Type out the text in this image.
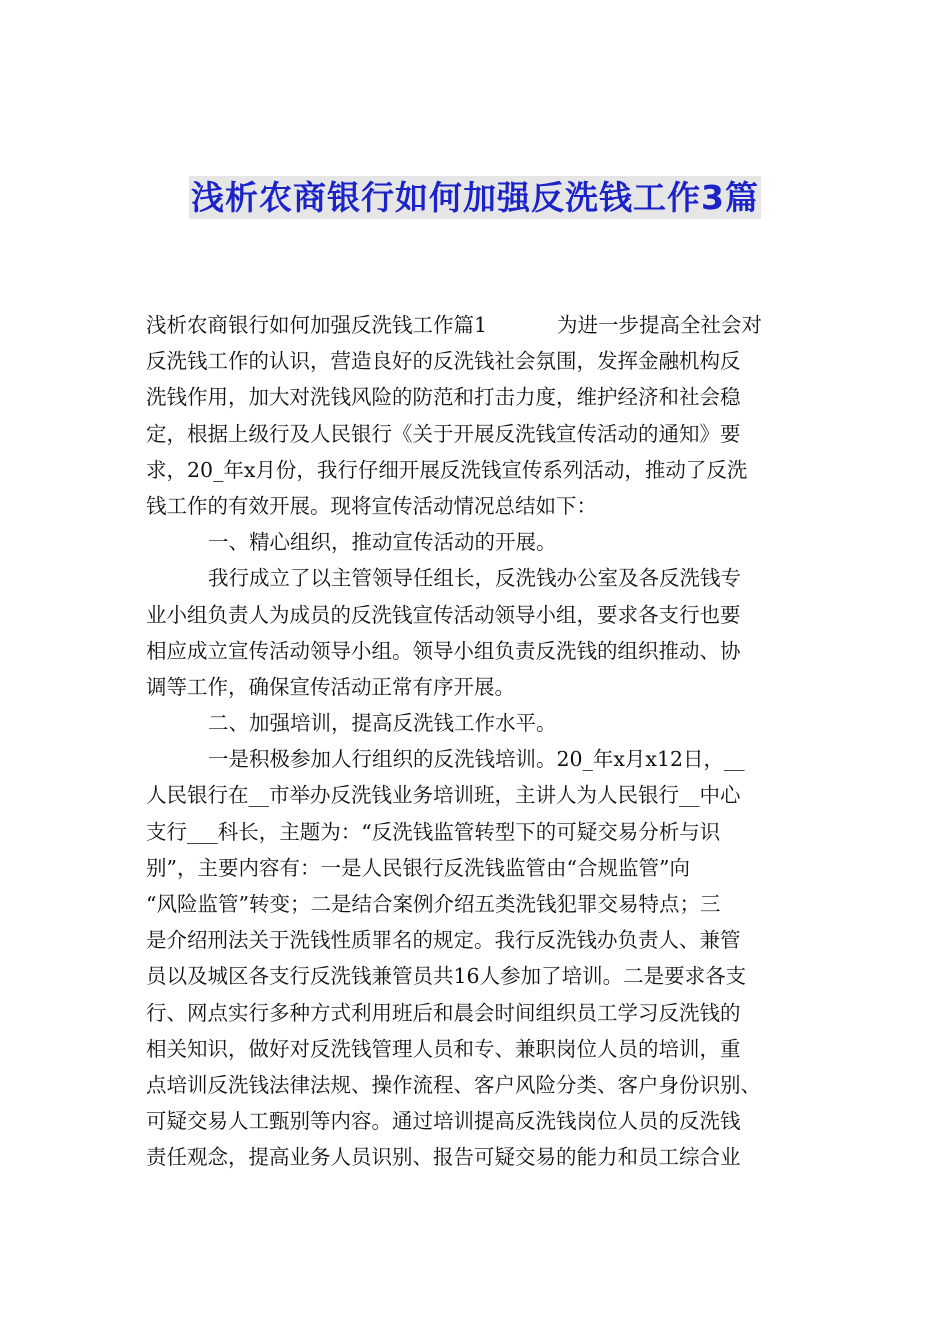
浅析农商银行如何加强反洗钱工作3篇
浅析农商银行如何加强反洗钱工作篇1	为进一步提高全社会对
反洗钱工作的认识，营造良好的反洗钱社会氛围，发挥金融机构反
洗钱作用，加大对洗钱风险的防范和打击力度，维护经济和社会稳
定，根据上级行及人民银行《关于开展反洗钱宣传活动的通知》要
求，20_年x月份，我行仔细开展反洗钱宣传系列活动，推动了反洗
钱工作的有效开展。现将宣传活动情况总结如下：
一、精心组织，推动宣传活动的开展。
我行成立了以主管领导任组长，反洗钱办公室及各反洗钱专
业小组负责人为成员的反洗钱宣传活动领导小组，要求各支行也要
相应成立宣传活动领导小组。领导小组负责反洗钱的组织推动、协
调等工作，确保宣传活动正常有序开展。
二、加强培训，提高反洗钱工作水平。
一是积极参加人行组织的反洗钱培训。20_年x月x12日，__
人民银行在__市举办反洗钱业务培训班，主讲人为人民银行__中心
支行___科长，主题为：“反洗钱监管转型下的可疑交易分析与识
别”，主要内容有：一是人民银行反洗钱监管由“合规监管”向
“风险监管”转变；二是结合案例介绍五类洗钱犯罪交易特点；三
是介绍刑法关于洗钱性质罪名的规定。我行反洗钱办负责人、兼管
员以及城区各支行反洗钱兼管员共16人参加了培训。二是要求各支
行、网点实行多种方式利用班后和晨会时间组织员工学习反洗钱的
相关知识，做好对反洗钱管理人员和专、兼职岗位人员的培训，重
点培训反洗钱法律法规、操作流程、客户风险分类、客户身份识别、
可疑交易人工甄别等内容。通过培训提高反洗钱岗位人员的反洗钱
责任观念，提高业务人员识别、报告可疑交易的能力和员工综合业
